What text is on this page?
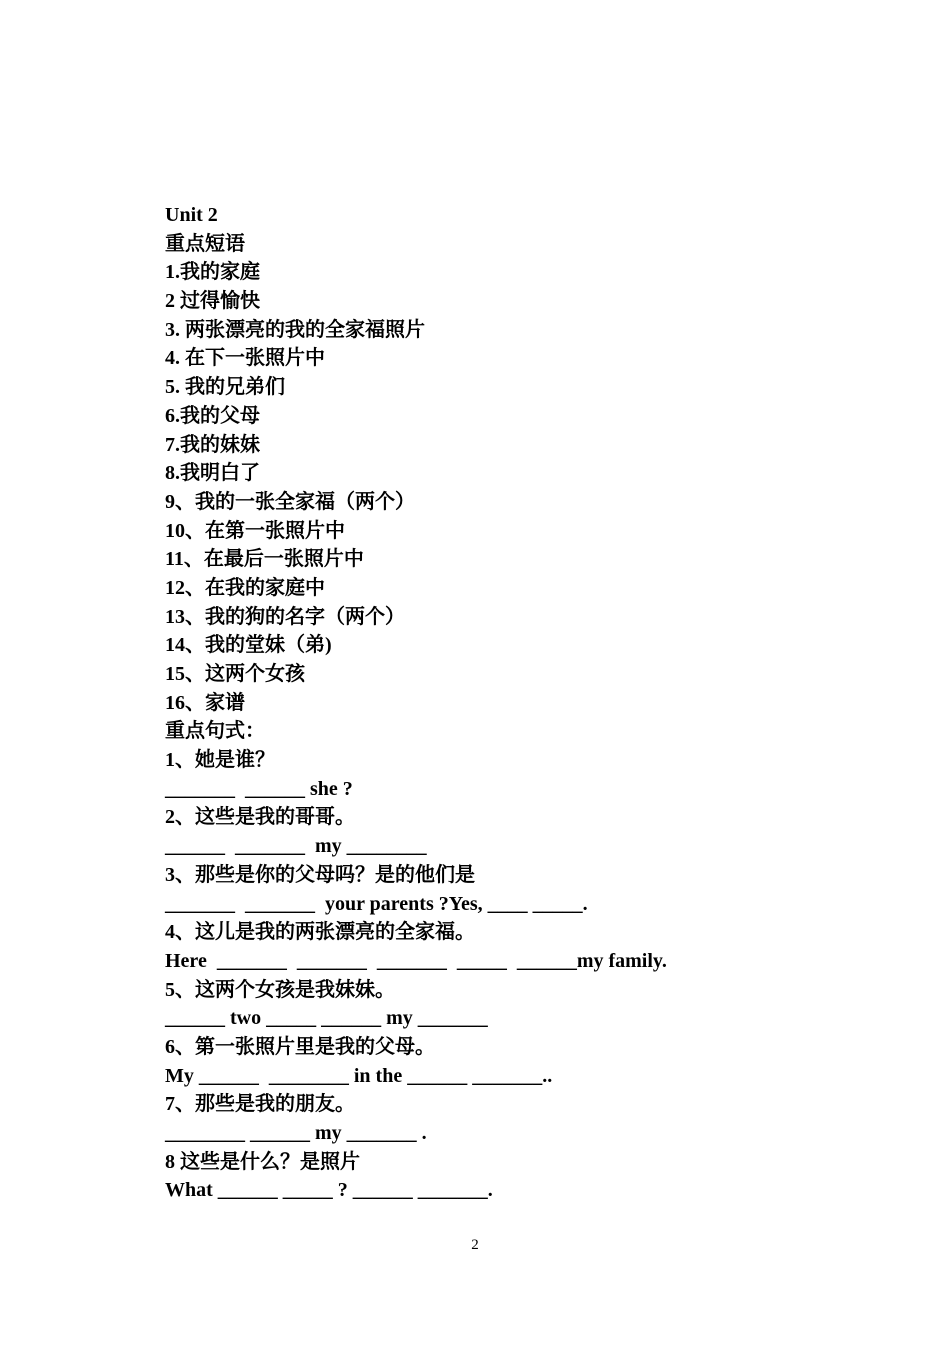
Unit 2
重点短语
1.我的家庭
2 过得愉快
3. 两张漂亮的我的全家福照片
4. 在下一张照片中
5. 我的兄弟们
6.我的父母
7.我的妹妹
8.我明白了
9、我的一张全家福（两个）
10、在第一张照片中
11、在最后一张照片中
12、在我的家庭中
13、我的狗的名字（两个）
14、我的堂妹（弟)
15、这两个女孩
16、家谱
重点句式：
1、她是谁？
_______  ______ she ?
2、这些是我的哥哥。
______  _______  my ________
3、那些是你的父母吗？是的他们是
_______  _______  your parents ?Yes, ____ _____.
4、这儿是我的两张漂亮的全家福。
Here  _______  _______  _______  _____  ______my family.
5、这两个女孩是我妹妹。
______ two _____ ______ my _______
6、第一张照片里是我的父母。
My ______  ________ in the ______ _______..
7、那些是我的朋友。
________ ______ my _______ .
8 这些是什么？是照片
What ______ _____ ? ______ _______.
2
